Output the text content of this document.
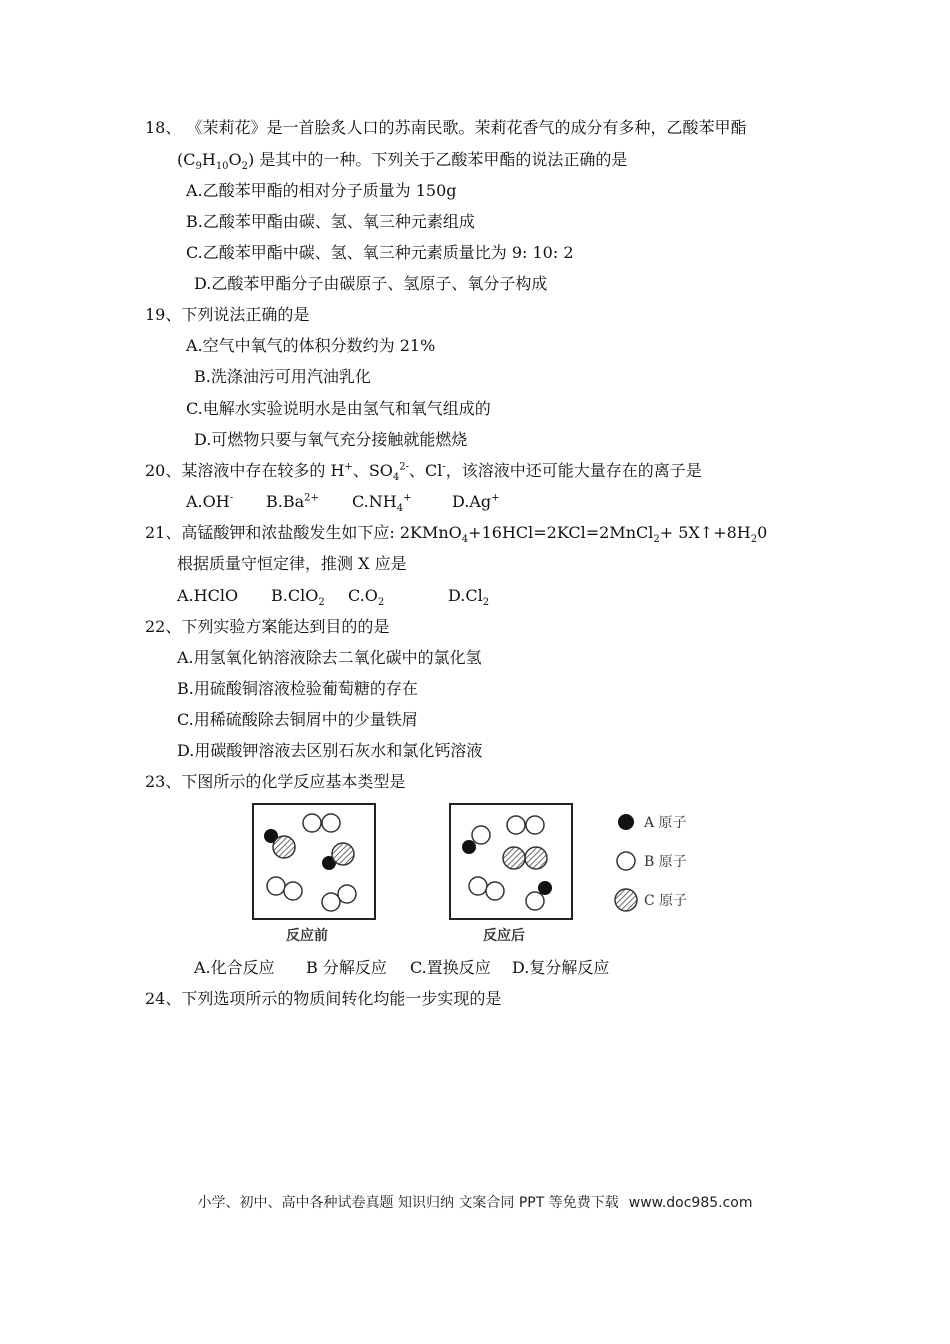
18、 《茉莉花》是一首脍炙人口的苏南民歌。茉莉花香气的成分有多种，乙酸苯甲酯
$(C_9H_{10}O_2)$ 是其中的一种。下列关于乙酸苯甲酯的说法正确的是
A.乙酸苯甲酯的相对分子质量为 150g
B.乙酸苯甲酯由碳、氢、氧三种元素组成
C.乙酸苯甲酯中碳、氢、氧三种元素质量比为 9: 10: 2
D.乙酸苯甲酯分子由碳原子、氢原子、氧分子构成
19、下列说法正确的是
A.空气中氧气的体积分数约为 21%
B.洗涤油污可用汽油乳化
C.电解水实验说明水是由氢气和氧气组成的
D.可燃物只要与氧气充分接触就能燃烧
20、某溶液中存在较多的 H+、$SO_4^{2-}$、Cl-，该溶液中还可能大量存在的离子是
A.OH- $B.Ba^{2+}$ $C.NH_4^+$	D.Ag+
21、高锰酸钾和浓盐酸发生如下应: 2KMnO$_4$+16HCl=2KCl=2MnCl$_2$+ $5X↑+8H_20$
根据质量守恒定律，推测 X 应是
A.HClO B.ClO$_2$ $C.O_2$	$D.Cl_2$
22、下列实验方案能达到目的的是
A.用氢氧化钠溶液除去二氧化碳中的氯化氢
B.用硫酸铜溶液检验葡萄糖的存在
C.用稀硫酸除去铜屑中的少量铁屑
D.用碳酸钾溶液去区别石灰水和氯化钙溶液
23、下图所示的化学反应基本类型是
反应前	反应后
A 原子
B 原子
C 原子
A.化合反应 B 分解反应 C.置换反应 D.复分解反应
24、下列选项所示的物质间转化均能一步实现的是
小学、初中、高中各种试卷真题 知识归纳 文案合同 PPT 等免费下载 www.doc985.com
